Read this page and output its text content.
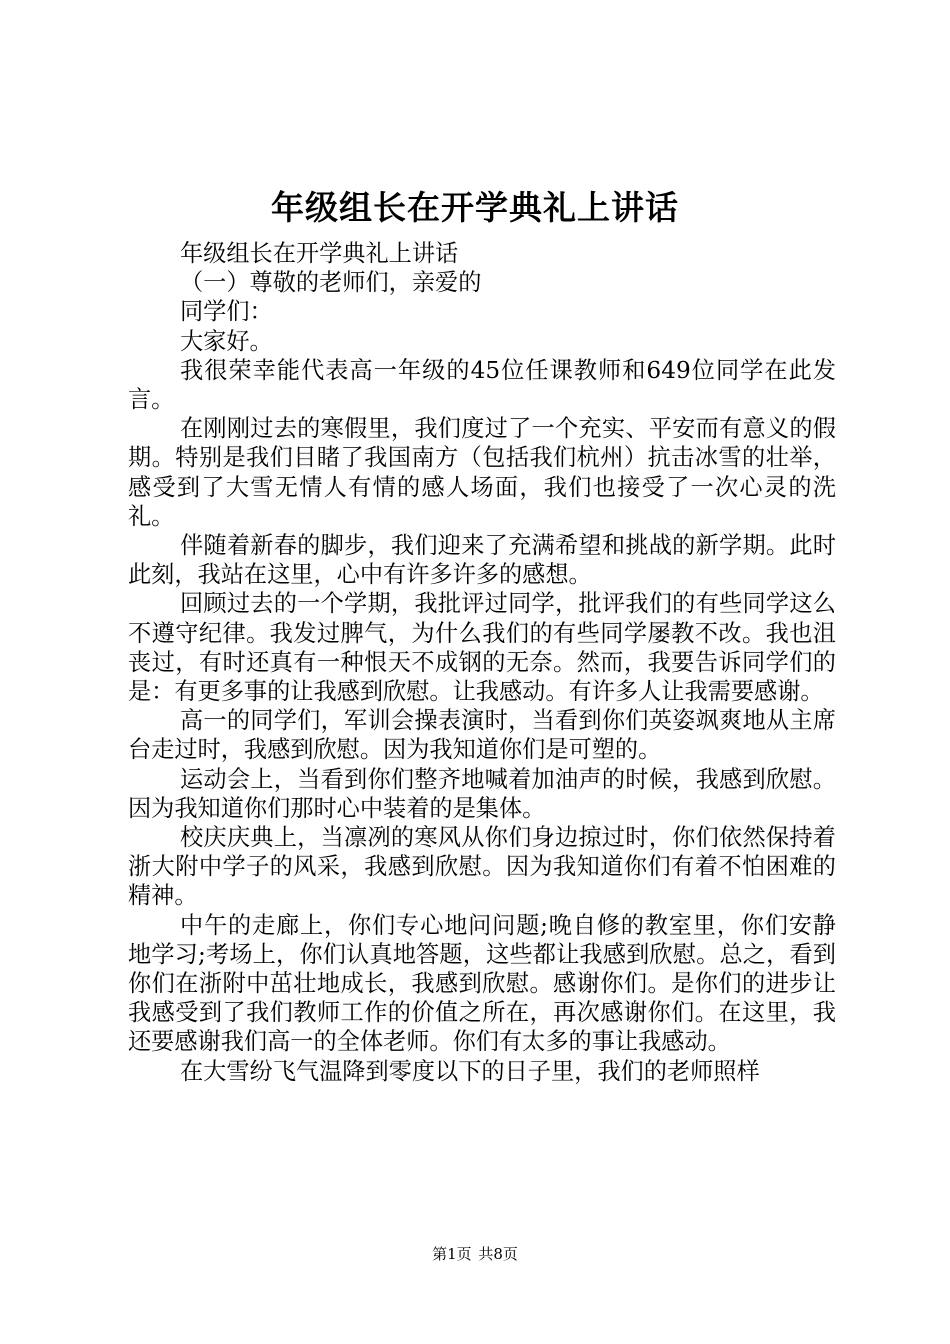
年级组长在开学典礼上讲话

年级组长在开学典礼上讲话

（一）尊敬的老师们，亲爱的

同学们：

大家好。

我很荣幸能代表高一年级的45位任课教师和649位同学在此发言。

在刚刚过去的寒假里，我们度过了一个充实、平安而有意义的假期。特别是我们目睹了我国南方（包括我们杭州）抗击冰雪的壮举，感受到了大雪无情人有情的感人场面，我们也接受了一次心灵的洗礼。

伴随着新春的脚步，我们迎来了充满希望和挑战的新学期。此时此刻，我站在这里，心中有许多许多的感想。

回顾过去的一个学期，我批评过同学，批评我们的有些同学这么不遵守纪律。我发过脾气，为什么我们的有些同学屡教不改。我也沮丧过，有时还真有一种恨天不成钢的无奈。然而，我要告诉同学们的是：有更多事的让我感到欣慰。让我感动。有许多人让我需要感谢。

高一的同学们，军训会操表演时，当看到你们英姿飒爽地从主席台走过时，我感到欣慰。因为我知道你们是可塑的。

运动会上，当看到你们整齐地喊着加油声的时候，我感到欣慰。因为我知道你们那时心中装着的是集体。

校庆庆典上，当凛冽的寒风从你们身边掠过时，你们依然保持着浙大附中学子的风采，我感到欣慰。因为我知道你们有着不怕困难的精神。

中午的走廊上，你们专心地问问题;晚自修的教室里，你们安静地学习;考场上，你们认真地答题，这些都让我感到欣慰。总之，看到你们在浙附中茁壮地成长，我感到欣慰。感谢你们。是你们的进步让我感受到了我们教师工作的价值之所在，再次感谢你们。在这里，我还要感谢我们高一的全体老师。你们有太多的事让我感动。

在大雪纷飞气温降到零度以下的日子里，我们的老师照样

第1页 共8页
